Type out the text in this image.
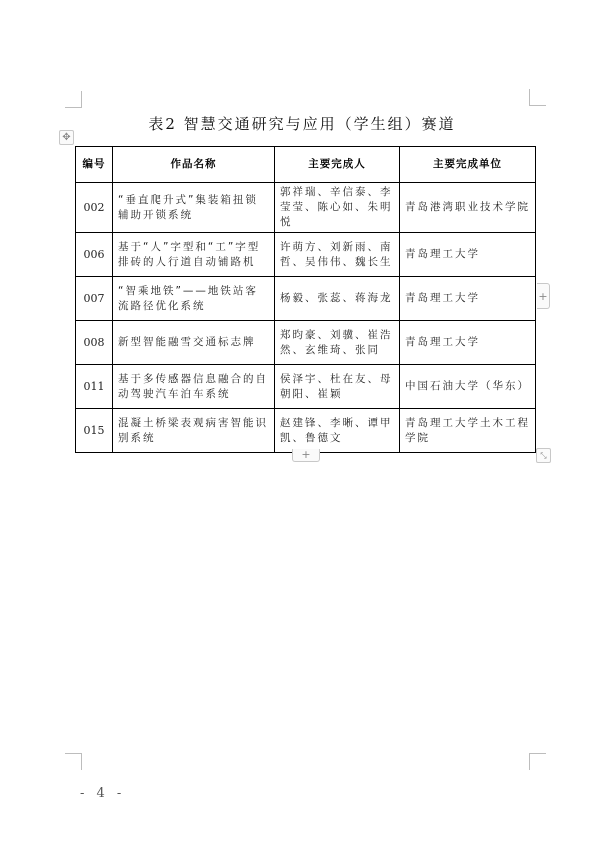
表2 智慧交通研究与应用（学生组）赛道
✥
编号	作品名称	主要完成人	主要完成单位
002	“垂直爬升式”集装箱扭锁辅助开锁系统	郭祥瑞、辛信泰、李莹莹、陈心如、朱明悦	青岛港湾职业技术学院
006	基于“人”字型和“工”字型排砖的人行道自动铺路机	许萌方、刘新雨、南哲、吴伟伟、魏长生	青岛理工大学
007	“智乘地铁”——地铁站客流路径优化系统	杨毅、张蕊、蒋海龙	青岛理工大学
008	新型智能融雪交通标志牌	郑昀豪、刘骥、崔浩然、玄维琦、张同	青岛理工大学
011	基于多传感器信息融合的自动驾驶汽车泊车系统	侯泽宇、杜在友、母朝阳、崔颖	中国石油大学（华东）
015	混凝土桥梁表观病害智能识别系统	赵建锋、李晰、谭甲凯、鲁德文	青岛理工大学土木工程学院
+
+	⤡
- 4 -
